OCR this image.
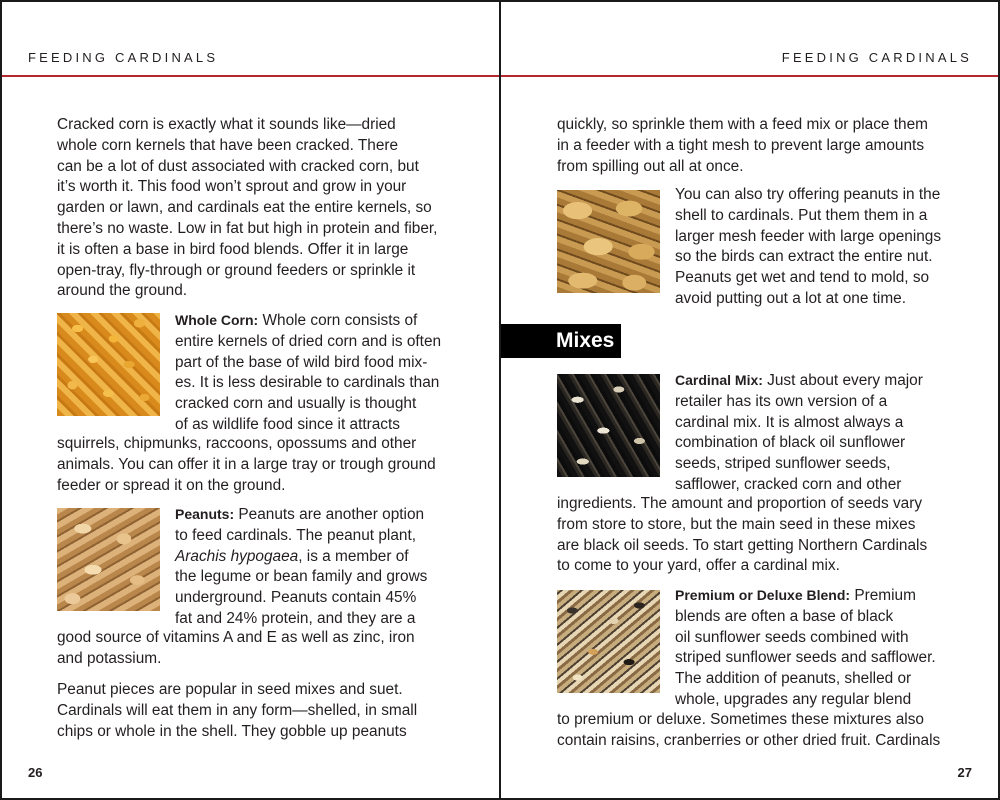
FEEDING CARDINALS

Cracked corn is exactly what it sounds like—dried

whole corn kernels that have been cracked. There

can be a lot of dust associated with cracked corn, but

it’s worth it. This food won’t sprout and grow in your

garden or lawn, and cardinals eat the entire kernels, so

there’s no waste. Low in fat but high in protein and fiber,

it is often a base in bird food blends. Offer it in large

open-tray, fly-through or ground feeders or sprinkle it

around the ground.

Whole Corn: Whole corn consists of

entire kernels of dried corn and is often

part of the base of wild bird food mix-

es. It is less desirable to cardinals than

cracked corn and usually is thought

of as wildlife food since it attracts

squirrels, chipmunks, raccoons, opossums and other

animals. You can offer it in a large tray or trough ground

feeder or spread it on the ground.

Peanuts: Peanuts are another option

to feed cardinals. The peanut plant,

Arachis hypogaea, is a member of

the legume or bean family and grows

underground. Peanuts contain 45%

fat and 24% protein, and they are a

good source of vitamins A and E as well as zinc, iron

and potassium.

Peanut pieces are popular in seed mixes and suet.

Cardinals will eat them in any form—shelled, in small

chips or whole in the shell. They gobble up peanuts

26
FEEDING CARDINALS

quickly, so sprinkle them with a feed mix or place them

in a feeder with a tight mesh to prevent large amounts

from spilling out all at once.

You can also try offering peanuts in the

shell to cardinals. Put them them in a

larger mesh feeder with large openings

so the birds can extract the entire nut.

Peanuts get wet and tend to mold, so

avoid putting out a lot at one time.

Mixes

Cardinal Mix: Just about every major

retailer has its own version of a

cardinal mix. It is almost always a

combination of black oil sunflower

seeds, striped sunflower seeds,

safflower, cracked corn and other

ingredients. The amount and proportion of seeds vary

from store to store, but the main seed in these mixes

are black oil seeds. To start getting Northern Cardinals

to come to your yard, offer a cardinal mix.

Premium or Deluxe Blend: Premium

blends are often a base of black

oil sunflower seeds combined with

striped sunflower seeds and safflower.

The addition of peanuts, shelled or

whole, upgrades any regular blend

to premium or deluxe. Sometimes these mixtures also

contain raisins, cranberries or other dried fruit. Cardinals

27
